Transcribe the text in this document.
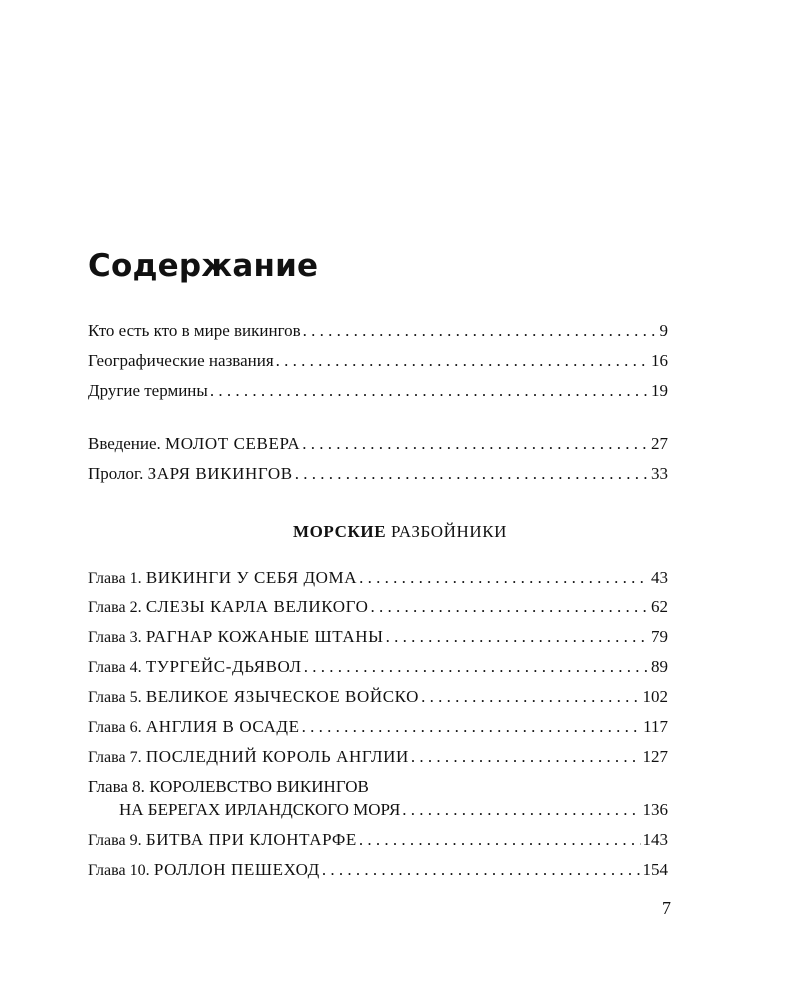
Содержание
Кто есть кто в мире викингов . . .	9
Географические названия . . .	16
Другие термины . . .	19
Введение. МОЛОТ СЕВЕРА . . .	27
Пролог. ЗАРЯ ВИКИНГОВ . . .	33
Глава 1. ВИКИНГИ У СЕБЯ ДОМА . . .	43
Глава 2. СЛЕЗЫ КАРЛА ВЕЛИКОГО . . .	62
Глава 3. РАГНАР КОЖАНЫЕ ШТАНЫ . . .	79
Глава 4. ТУРГЕЙС-ДЬЯВОЛ . . .	89
Глава 5. ВЕЛИКОЕ ЯЗЫЧЕСКОЕ ВОЙСКО . . .	102
Глава 6. АНГЛИЯ В ОСАДЕ . . .	117
Глава 7. ПОСЛЕДНИЙ КОРОЛЬ АНГЛИИ . . .	127
Глава 8. КОРОЛЕВСТВО ВИКИНГОВ
НА БЕРЕГАХ ИРЛАНДСКОГО МОРЯ . . .	136
Глава 9. БИТВА ПРИ КЛОНТАРФЕ . . .	143
Глава 10. РОЛЛОН ПЕШЕХОД . . .	154
МОРСКИЕ РАЗБОЙНИКИ
7
